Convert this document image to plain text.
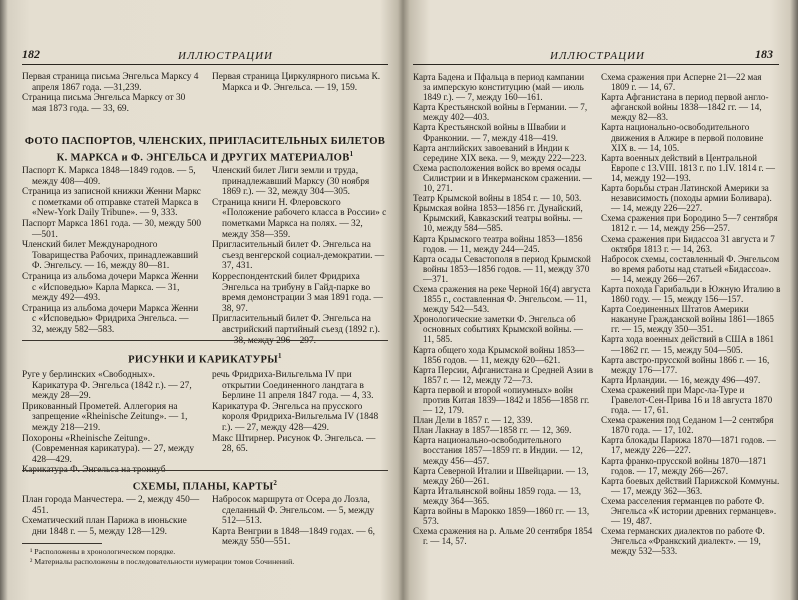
182	ИЛЛЮСТРАЦИИ

Первая страница письма Энгельса Марксу 4 апреля 1867 года. —31,239.

Страница письма Энгельса Марксу от 30 мая 1873 года. — 33, 69.

Первая страница Циркулярного письма К. Маркса и Ф. Энгельса. — 19, 159.

ФОТО ПАСПОРТОВ, ЧЛЕНСКИХ, ПРИГЛАСИТЕЛЬНЫХ БИЛЕТОВ К. МАРКСА и Ф. ЭНГЕЛЬСА И ДРУГИХ МАТЕРИАЛОВ$^1$

Паспорт К. Маркса 1848—1849 годов. — 5, между 408—409.

Страница из записной книжки Женни Маркс с пометками об отправке статей Маркса в «New-York Daily Tribune». — 9, 333.

Паспорт Маркса 1861 года. — 30, между 500—501.

Членский билет Международного Товарищества Рабочих, принадлежавший Ф. Энгельсу. — 16, между 80—81.

Страница из альбома дочери Маркса Женни с «Исповедью» Карла Маркса. — 31, между 492—493.

Страница из альбома дочери Маркса Женни с «Исповедью» Фридриха Энгельса. — 32, между 582—583.

Членский билет Лиги земли и труда, принадлежавший Марксу (30 ноября 1869 г.). — 32, между 304—305.

Страница книги Н. Флеровского «Положение рабочего класса в России» с пометками Маркса на полях. — 32, между 358—359.

Пригласительный билет Ф. Энгельса на съезд венгерской социал-демократии. — 37, 431.

Корреспондентский билет Фридриха Энгельса на трибуну в Гайд-парке во время демонстрации 3 мая 1891 года. — 38, 97.

Пригласительный билет Ф. Энгельса на австрийский партийный съезд (1892 г.).

РИСУНКИ И КАРИКАТУРЫ$^1$

Руге у берлинских «Свободных». Карикатура Ф. Энгельса (1842 г.). — 27, между 28—29.

Прикованный Прометей. Аллегория на запрещение «Rheinische Zeitung». — 1, между 218—219.

Похороны «Rheinische Zeitung». (Современная карикатура). — 27, между 428—429.

речь Фридриха-Вильгельма IV при открытии Соединенного ландтага в Берлине 11 апреля 1847 года. — 4, 33.

Карикатура Ф. Энгельса на прусского короля Фридриха-Вильгельма IV (1848 г.). — 27, между 428—429.

Макс Штирнер. Рисунок Ф. Энгельса. — 28, 65.

СХЕМЫ, ПЛАНЫ, КАРТЫ$^2$

План города Манчестера. — 2, между 450—451.

Схематический план Парижа в июньские дни 1848 г. — 5, между 128—129.

Набросок маршрута от Осера до Лозла, сделанный Ф. Энгельсом. — 5, между 512—513.

Карта Венгрии в 1848—1849 годах. — 6, между 550—551.

¹ Расположены в хронологическом порядке.
² Материалы расположены в последовательности нумерации томов Сочинений.
ИЛЛЮСТРАЦИИ	183

Карта Бадена и Пфальца в период кампании за имперскую конституцию (май — июль 1849 г.). — 7, между 160—161.

Карта Крестьянской войны в Германии. — 7, между 402—403.

Карта Крестьянской войны в Швабии и Франконии. — 7, между 418—419.

Карта английских завоеваний в Индии к середине XIX века. — 9, между 222—223.

Схема расположения войск во время осады Силистрии и в Инкерманском сражении. — 10, 271.

Театр Крымской войны в 1854 г. — 10, 503.

Крымская война 1853—1856 гг. Дунайский, Крымский, Кавказский театры войны. — 10, между 584—585.

Карта Крымского театра войны 1853—1856 годов. — 11, между 244—245.

Карта осады Севастополя в период Крымской войны 1853—1856 годов. — 11, между 370—371.

Схема сражения на реке Черной 16(4) августа 1855 г., составленная Ф. Энгельсом. — 11, между 542—543.

Хронологические заметки Ф. Энгельса об основных событиях Крымской войны. — 11, 585.

Карта общего хода Крымской войны 1853—1856 годов. — 11, между 620—621.

Карта Персии, Афганистана и Средней Азии в 1857 г. — 12, между 72—73.

Карта первой и второй «опиумных» войн против Китая 1839—1842 и 1856—1858 гг. — 12, 179.

План Дели в 1857 г. — 12, 339.

План Лакнау в 1857—1858 гг. — 12, 369.

Карта национально-освободительного восстания 1857—1859 гг. в Индии. — 12, между 456—457.

Карта Северной Италии и Швейцарии. — 13, между 260—261.

Карта Итальянской войны 1859 года. — 13, между 364—365.

Карта войны в Марокко 1859—1860 гг. — 13, 573.

Схема сражения на р. Альме 20 сентября 1854 г. — 14, 57.

Схема сражения при Асперне 21—22 мая 1809 г. — 14, 67.

Карта Афганистана в период первой англо-афганской войны 1838—1842 гг. — 14, между 82—83.

Карта национально-освободительного движения в Алжире в первой половине XIX в. — 14, 105.

Карта военных действий в Центральной Европе с 13.VIII. 1813 г. по 1.IV. 1814 г. — 14, между 192—193.

Карта борьбы стран Латинской Америки за независимость (походы армии Боливара). — 14, между 226—227.

Схема сражения при Бородино 5—7 сентября 1812 г. — 14, между 256—257.

Схема сражения при Бидассоа 31 августа и 7 октября 1813 г. — 14, 263.

Набросок схемы, составленный Ф. Энгельсом во время работы над статьей «Бидассоа». — 14, между 266—267.

Карта похода Гарибальди в Южную Италию в 1860 году. — 15, между 156—157.

Карта Соединенных Штатов Америки накануне Гражданской войны 1861—1865 гг. — 15, между 350—351.

Карта хода военных действий в США в 1861—1862 гг. — 15, между 504—505.

Карта австро-прусской войны 1866 г. — 16, между 176—177.

Карта Ирландии. — 16, между 496—497.

Схема сражений при Марс-ла-Туре и Гравелот-Сен-Прива 16 и 18 августа 1870 года. — 17, 61.

Схема сражения под Седаном 1—2 сентября 1870 года. — 17, 102.

Карта блокады Парижа 1870—1871 годов. — 17, между 226—227.

Карта франко-прусской войны 1870—1871 годов. — 17, между 266—267.

Карта боевых действий Парижской Коммуны. — 17, между 362—363.

Схема расселения германцев по работе Ф. Энгельса «К истории древних германцев». — 19, 487.

Схема германских диалектов по работе Ф. Энгельса «Франкский диалект». — 19, между 532—533.
